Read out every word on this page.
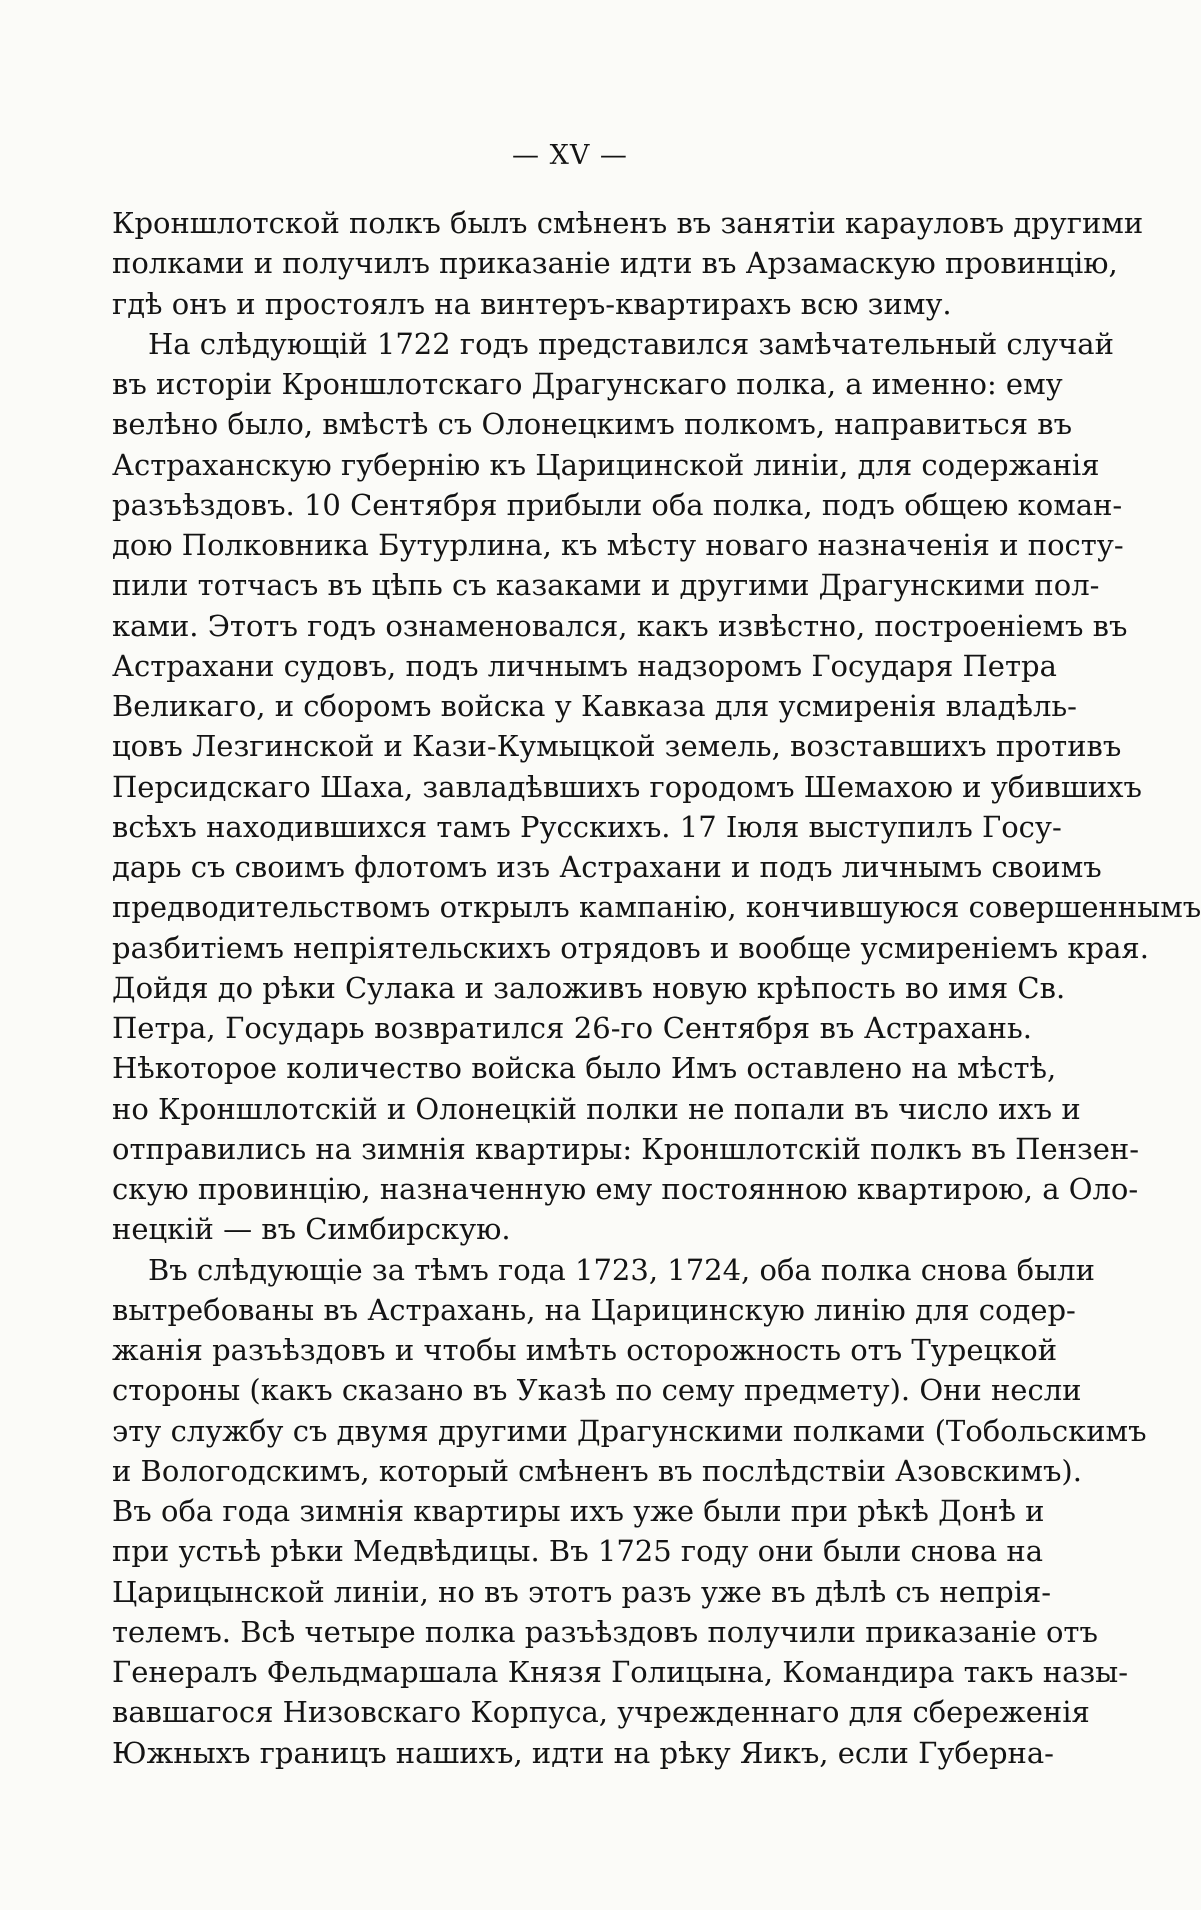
— XV —
Кроншлотской полкъ былъ смѣненъ въ занятіи карауловъ другими
полками и получилъ приказаніе идти въ Арзамаскую провинцію,
гдѣ онъ и простоялъ на винтеръ-квартирахъ всю зиму.
На слѣдующій 1722 годъ представился замѣчательный случай
въ исторіи Кроншлотскаго Драгунскаго полка, а именно: ему
велѣно было, вмѣстѣ съ Олонецкимъ полкомъ, направиться въ
Астраханскую губернію къ Царицинской линіи, для содержанія
разъѣздовъ. 10 Сентября прибыли оба полка, подъ общею коман-
дою Полковника Бутурлина, къ мѣсту новаго назначенія и посту-
пили тотчасъ въ цѣпь съ казаками и другими Драгунскими пол-
ками. Этотъ годъ ознаменовался, какъ извѣстно, построеніемъ въ
Астрахани судовъ, подъ личнымъ надзоромъ Государя Петра
Великаго, и сборомъ войска у Кавказа для усмиренія владѣль-
цовъ Лезгинской и Кази-Кумыцкой земель, возставшихъ противъ
Персидскаго Шаха, завладѣвшихъ городомъ Шемахою и убившихъ
всѣхъ находившихся тамъ Русскихъ. 17 Іюля выступилъ Госу-
дарь съ своимъ флотомъ изъ Астрахани и подъ личнымъ своимъ
предводительствомъ открылъ кампанію, кончившуюся совершеннымъ
разбитіемъ непріятельскихъ отрядовъ и вообще усмиреніемъ края.
Дойдя до рѣки Сулака и заложивъ новую крѣпость во имя Св.
Петра, Государь возвратился 26-го Сентября въ Астрахань.
Нѣкоторое количество войска было Имъ оставлено на мѣстѣ,
но Кроншлотскій и Олонецкій полки не попали въ число ихъ и
отправились на зимнія квартиры: Кроншлотскій полкъ въ Пензен-
скую провинцію, назначенную ему постоянною квартирою, а Оло-
нецкій — въ Симбирскую.
Въ слѣдующіе за тѣмъ года 1723, 1724, оба полка снова были
вытребованы въ Астрахань, на Царицинскую линію для содер-
жанія разъѣздовъ и чтобы имѣть осторожность отъ Турецкой
стороны (какъ сказано въ Указѣ по сему предмету). Они несли
эту службу съ двумя другими Драгунскими полками (Тобольскимъ
и Вологодскимъ, который смѣненъ въ послѣдствіи Азовскимъ).
Въ оба года зимнія квартиры ихъ уже были при рѣкѣ Донѣ и
при устьѣ рѣки Медвѣдицы. Въ 1725 году они были снова на
Царицынской линіи, но въ этотъ разъ уже въ дѣлѣ съ непрія-
телемъ. Всѣ четыре полка разъѣздовъ получили приказаніе отъ
Генералъ Фельдмаршала Князя Голицына, Командира такъ назы-
вавшагося Низовскаго Корпуса, учрежденнаго для сбереженія
Южныхъ границъ нашихъ, идти на рѣку Яикъ, если Губерна-
